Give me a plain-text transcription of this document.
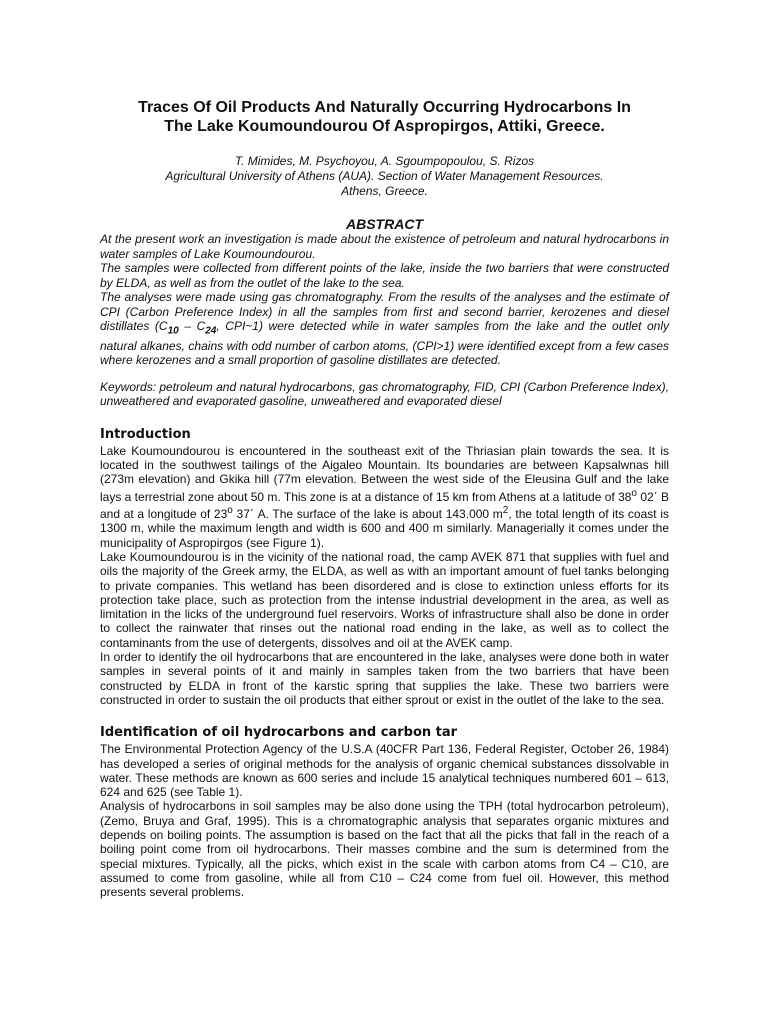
Traces Of Oil Products And Naturally Occurring Hydrocarbons In
The Lake Koumoundourou Of Aspropirgos, Attiki, Greece.
T. Mimides, M. Psychoyou, A. Sgoumpopoulou, S. Rizos
Agricultural University of Athens (AUA). Section of Water Management Resources.
Athens, Greece.
ABSTRACT

At the present work an investigation is made about the existence of petroleum and natural hydrocarbons in water samples of Lake Koumoundourou.

The samples were collected from different points of the lake, inside the two barriers that were constructed by ELDA, as well as from the outlet of the lake to the sea.

The analyses were made using gas chromatography. From the results of the analyses and the estimate of CPI (Carbon Preference Index) in all the samples from first and second barrier, kerozenes and diesel distillates ($C_{10} - C_{24}$, CPI~1) were detected while in water samples from the lake and the outlet only natural alkanes, chains with odd number of carbon atoms, (CPI>1) were identified except from a few cases where kerozenes and a small proportion of gasoline distillates are detected.

Keywords: petroleum and natural hydrocarbons, gas chromatography, FID, CPI (Carbon Preference Index), unweathered and evaporated gasoline, unweathered and evaporated diesel
Introduction

Lake Koumoundourou is encountered in the southeast exit of the Thriasian plain towards the sea. It is located in the southwest tailings of the Aigaleo Mountain. Its boundaries are between Kapsalwnas hill (273m elevation) and Gkika hill (77m elevation. Between the west side of the Eleusina Gulf and the lake lays a terrestrial zone about 50 m. This zone is at a distance of 15 km from Athens at a latitude of 38$^o$ 02΄ B and at a longitude of 23$^o$ 37΄ A. The surface of the lake is about 143.000 $m^2$, the total length of its coast is 1300 m, while the maximum length and width is 600 and 400 m similarly. Managerially it comes under the municipality of Aspropirgos (see Figure 1).

Lake Koumoundourou is in the vicinity of the national road, the camp AVEK 871 that supplies with fuel and oils the majority of the Greek army, the ELDA, as well as with an important amount of fuel tanks belonging to private companies. This wetland has been disordered and is close to extinction unless efforts for its protection take place, such as protection from the intense industrial development in the area, as well as limitation in the licks of the underground fuel reservoirs. Works of infrastructure shall also be done in order to collect the rainwater that rinses out the national road ending in the lake, as well as to collect the contaminants from the use of detergents, dissolves and oil at the AVEK camp.

In order to identify the oil hydrocarbons that are encountered in the lake, analyses were done both in water samples in several points of it and mainly in samples taken from the two barriers that have been constructed by ELDA in front of the karstic spring that supplies the lake. These two barriers were constructed in order to sustain the oil products that either sprout or exist in the outlet of the lake to the sea.

Identification of oil hydrocarbons and carbon tar

The Environmental Protection Agency of the U.S.A (40CFR Part 136, Federal Register, October 26, 1984) has developed a series of original methods for the analysis of organic chemical substances dissolvable in water. These methods are known as 600 series and include 15 analytical techniques numbered 601 – 613, 624 and 625 (see Table 1).

Analysis of hydrocarbons in soil samples may be also done using the TPH (total hydrocarbon petroleum), (Zemo, Bruya and Graf, 1995). This is a chromatographic analysis that separates organic mixtures and depends on boiling points. The assumption is based on the fact that all the picks that fall in the reach of a boiling point come from oil hydrocarbons. Their masses combine and the sum is determined from the special mixtures. Typically, all the picks, which exist in the scale with carbon atoms from C4 – C10, are assumed to come from gasoline, while all from C10 – C24 come from fuel oil. However, this method presents several problems.
